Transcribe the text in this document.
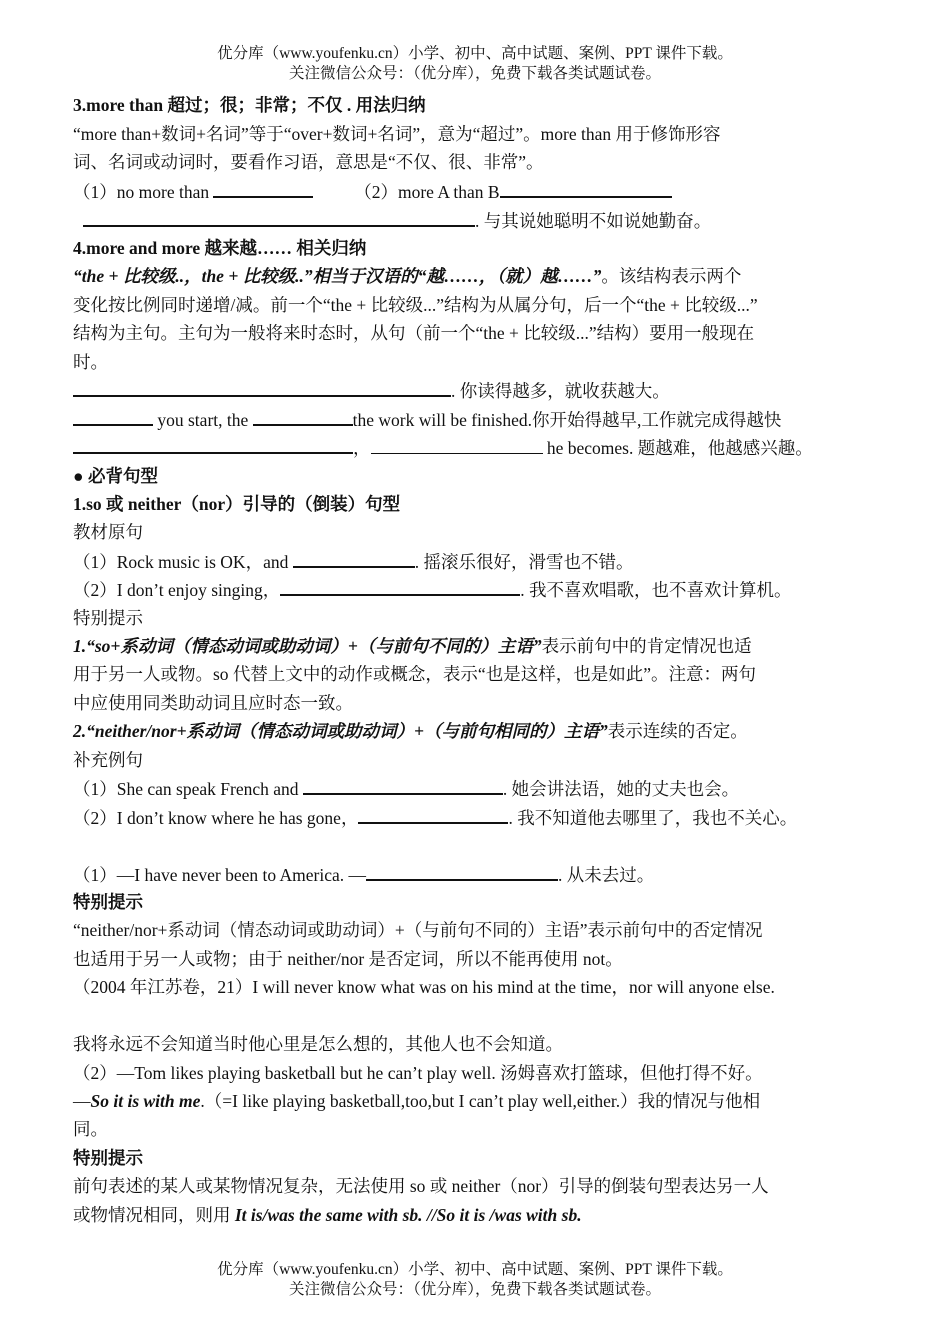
优分库（www.youfenku.cn）小学、初中、高中试题、案例、PPT 课件下载。
关注微信公众号：（优分库），免费下载各类试题试卷。
3.more than 超过；很；非常；不仅 . 用法归纳
“more than+数词+名词”等于“over+数词+名词”，意为“超过”。more than 用于修饰形容
词、名词或动词时，要看作习语，意思是“不仅、很、非常”。
（1）no more than	（2）more A than B
. 与其说她聪明不如说她勤奋。
4.more and more 越来越…… 相关归纳
“the + 比较级..，the + 比较级..”相当于汉语的“越……，（就）越……”。该结构表示两个
变化按比例同时递增/减。前一个“the + 比较级...”结构为从属分句，后一个“the + 比较级...”
结构为主句。主句为一般将来时态时，从句（前一个“the + 比较级...”结构）要用一般现在
时。
. 你读得越多，就收获越大。
you start, the	the work will be finished.你开始得越早,工作就完成得越快
，	he becomes. 题越难，他越感兴趣。
● 必背句型
1.so 或 neither（nor）引导的（倒装）句型
教材原句
（1）Rock music is OK，and	. 摇滚乐很好，滑雪也不错。
（2）I don’t enjoy singing，	. 我不喜欢唱歌，也不喜欢计算机。
特别提示
1.“so+系动词（情态动词或助动词）+（与前句不同的）主语”表示前句中的肯定情况也适
用于另一人或物。so 代替上文中的动作或概念，表示“也是这样，也是如此”。注意：两句
中应使用同类助动词且应时态一致。
2.“neither/nor+系动词（情态动词或助动词）+（与前句相同的）主语”表示连续的否定。
补充例句
（1）She can speak French and	. 她会讲法语，她的丈夫也会。
（2）I don’t know where he has gone，	. 我不知道他去哪里了，我也不关心。
（1）—I have never been to America. —	. 从未去过。
特别提示
“neither/nor+系动词（情态动词或助动词）+（与前句不同的）主语”表示前句中的否定情况
也适用于另一人或物；由于 neither/nor 是否定词，所以不能再使用 not。
（2004 年江苏卷，21）I will never know what was on his mind at the time，nor will anyone else.
我将永远不会知道当时他心里是怎么想的，其他人也不会知道。
（2）—Tom likes playing basketball but he can’t play well. 汤姆喜欢打篮球，但他打得不好。
—So it is with me.（=I like playing basketball,too,but I can’t play well,either.）我的情况与他相
同。
特别提示
前句表述的某人或某物情况复杂，无法使用 so 或 neither（nor）引导的倒装句型表达另一人
或物情况相同，则用 It is/was the same with sb. //So it is /was with sb.
优分库（www.youfenku.cn）小学、初中、高中试题、案例、PPT 课件下载。
关注微信公众号：（优分库），免费下载各类试题试卷。
